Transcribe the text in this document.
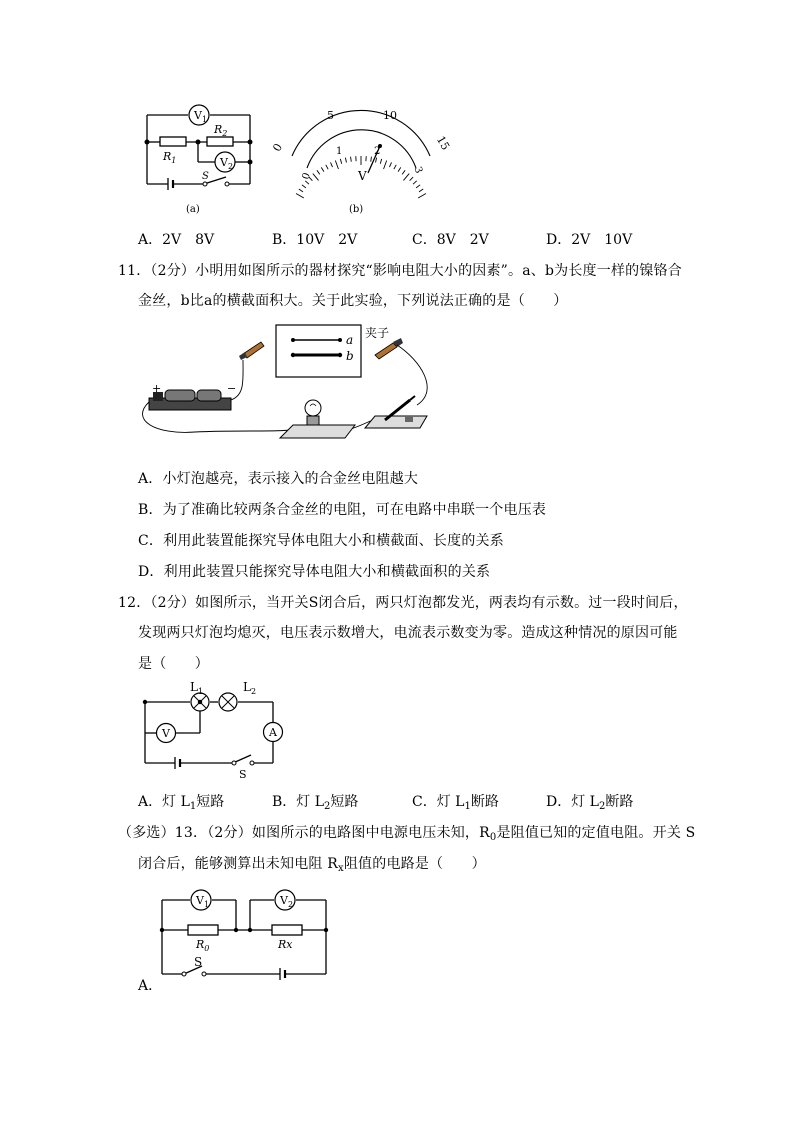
$V_1$
$V_2$
$R_2$
$R_1$
S
(a)
0
5	10
15
0
1	2
3
V
(b)
A．2V　8V	B．10V　2V	C．8V　2V	D．2V　10V
11．（2分）小明用如图所示的器材探究“影响电阻大小的因素”。a、b为长度一样的镍铬合
金丝，b比a的横截面积大。关于此实验，下列说法正确的是（　　）
a
b
夹子
+	−
A．小灯泡越亮，表示接入的合金丝电阻越大
B．为了准确比较两条合金丝的电阻，可在电路中串联一个电压表
C．利用此装置能探究导体电阻大小和横截面、长度的关系
D．利用此装置只能探究导体电阻大小和横截面积的关系
12．（2分）如图所示，当开关S闭合后，两只灯泡都发光，两表均有示数。过一段时间后，
发现两只灯泡均熄灭，电压表示数增大，电流表示数变为零。造成这种情况的原因可能
是（　　）
V	A
$L_1$	$L_2$
S
A．灯 $L_1$短路	B．灯 $L_2$短路	C．灯 $L_1$断路	D．灯 $L_2$断路
（多选）13．（2分）如图所示的电路图中电源电压未知，$R_0$是阻值已知的定值电阻。开关 S
闭合后，能够测算出未知电阻 $R_x$阻值的电路是（　　）
$V_1$	$V_2$
$R_0$	Rx
S
A．
